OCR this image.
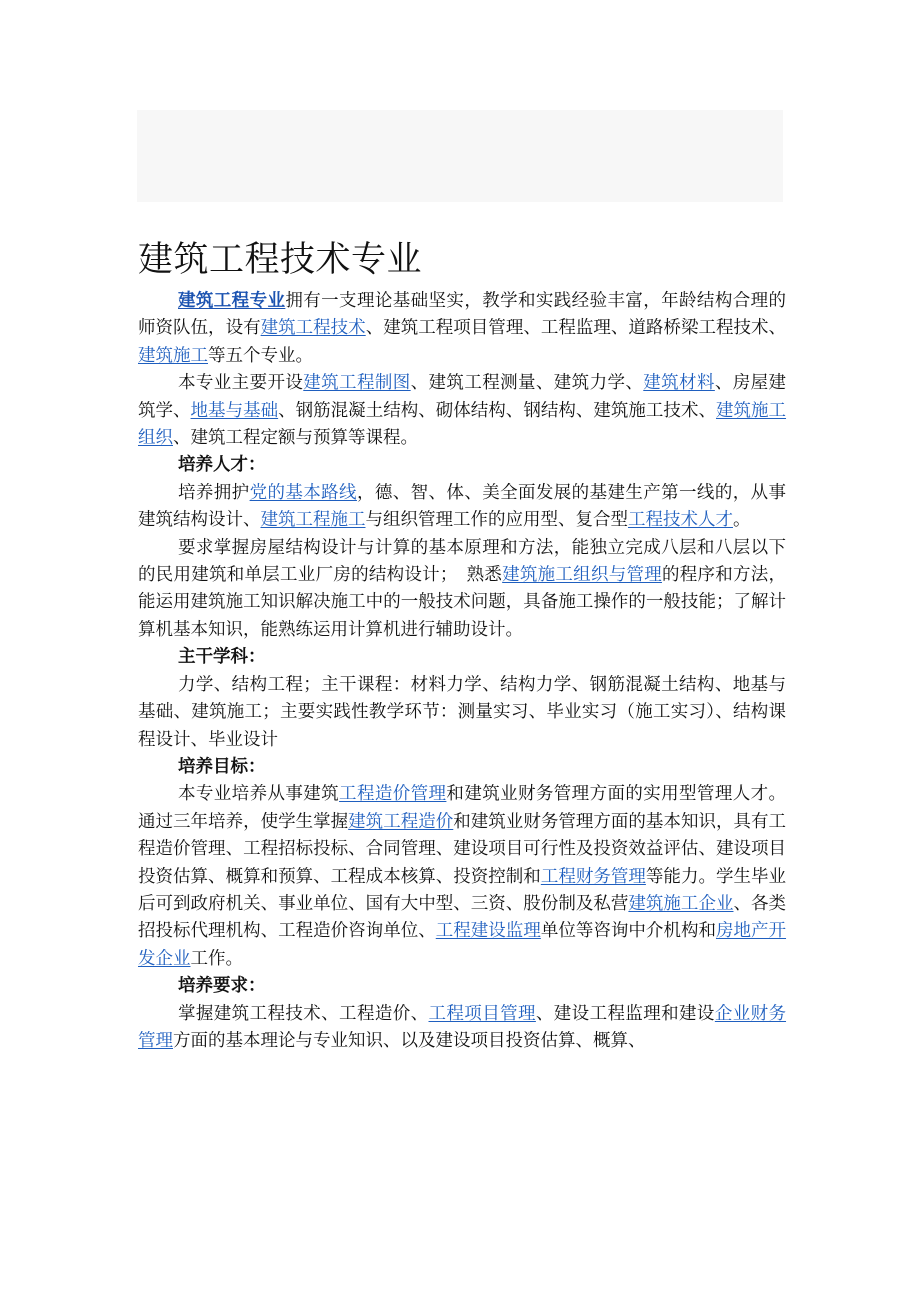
建筑工程技术专业

建筑工程专业拥有一支理论基础坚实，教学和实践经验丰富，年龄结构合理的师资队伍，设有建筑工程技术、建筑工程项目管理、工程监理、道路桥梁工程技术、建筑施工等五个专业。

本专业主要开设建筑工程制图、建筑工程测量、建筑力学、建筑材料、房屋建筑学、地基与基础、钢筋混凝土结构、砌体结构、钢结构、建筑施工技术、建筑施工组织、建筑工程定额与预算等课程。

培养人才：

培养拥护党的基本路线，德、智、体、美全面发展的基建生产第一线的，从事建筑结构设计、建筑工程施工与组织管理工作的应用型、复合型工程技术人才。

要求掌握房屋结构设计与计算的基本原理和方法，能独立完成八层和八层以下的民用建筑和单层工业厂房的结构设计；　熟悉建筑施工组织与管理的程序和方法，能运用建筑施工知识解决施工中的一般技术问题，具备施工操作的一般技能；了解计算机基本知识，能熟练运用计算机进行辅助设计。

主干学科：

力学、结构工程；主干课程：材料力学、结构力学、钢筋混凝土结构、地基与基础、建筑施工；主要实践性教学环节：测量实习、毕业实习（施工实习）、结构课程设计、毕业设计

培养目标：

本专业培养从事建筑工程造价管理和建筑业财务管理方面的实用型管理人才。通过三年培养，使学生掌握建筑工程造价和建筑业财务管理方面的基本知识，具有工程造价管理、工程招标投标、合同管理、建设项目可行性及投资效益评估、建设项目投资估算、概算和预算、工程成本核算、投资控制和工程财务管理等能力。学生毕业后可到政府机关、事业单位、国有大中型、三资、股份制及私营建筑施工企业、各类招投标代理机构、工程造价咨询单位、工程建设监理单位等咨询中介机构和房地产开发企业工作。

培养要求：

掌握建筑工程技术、工程造价、工程项目管理、建设工程监理和建设企业财务管理方面的基本理论与专业知识、以及建设项目投资估算、概算、
